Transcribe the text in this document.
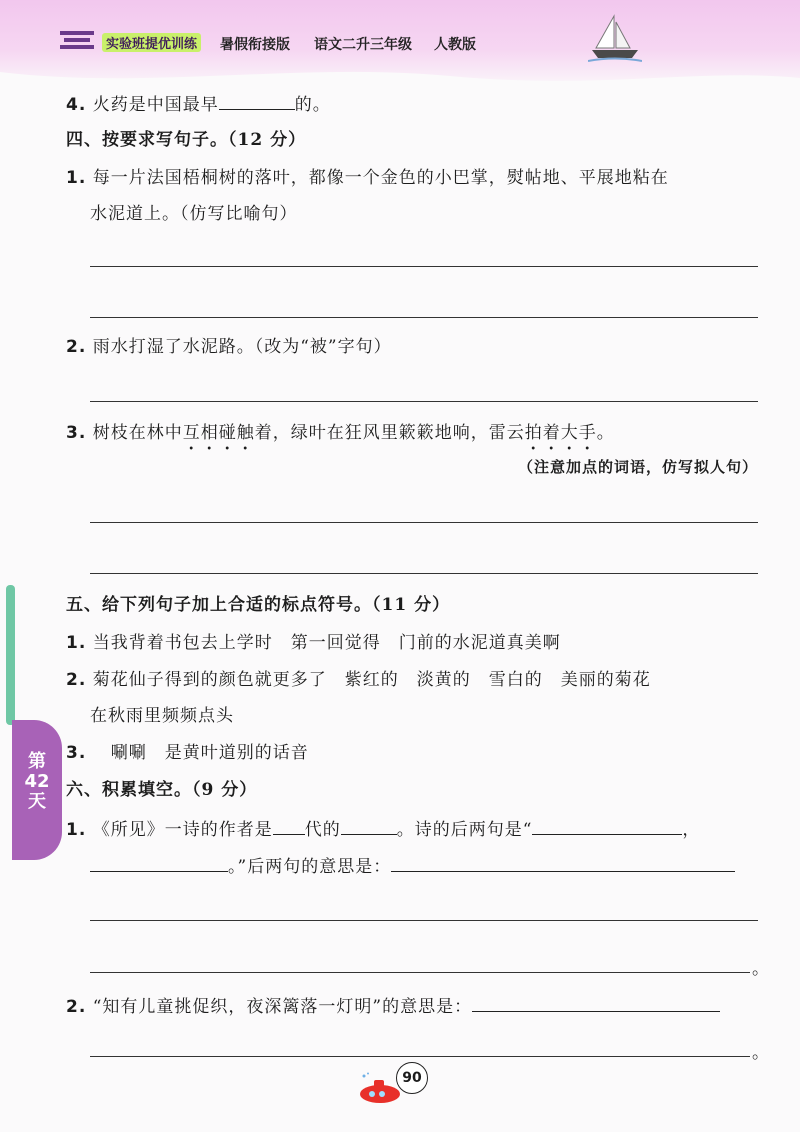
实验班提优训练 暑假衔接版 语文二升三年级 人教版
第42天
4. 火药是中国最早	的。
四、按要求写句子。（12 分）
1. 每一片法国梧桐树的落叶，都像一个金色的小巴掌，熨帖地、平展地粘在
水泥道上。（仿写比喻句）
2. 雨水打湿了水泥路。（改为“被”字句）
3. 树枝在林中互相碰触着，绿叶在狂风里簌簌地响，雷云拍着大手。
（注意加点的词语，仿写拟人句）
五、给下列句子加上合适的标点符号。（11 分）
1. 当我背着书包去上学时　第一回觉得　门前的水泥道真美啊
2. 菊花仙子得到的颜色就更多了　紫红的　淡黄的　雪白的　美丽的菊花
在秋雨里频频点头
3. 　唰唰　是黄叶道别的话音
六、积累填空。（9 分）
1. 《所见》一诗的作者是 代的	。诗的后两句是“	，
。”后两句的意思是：
。
2. “知有儿童挑促织，夜深篱落一灯明”的意思是：
。
90
